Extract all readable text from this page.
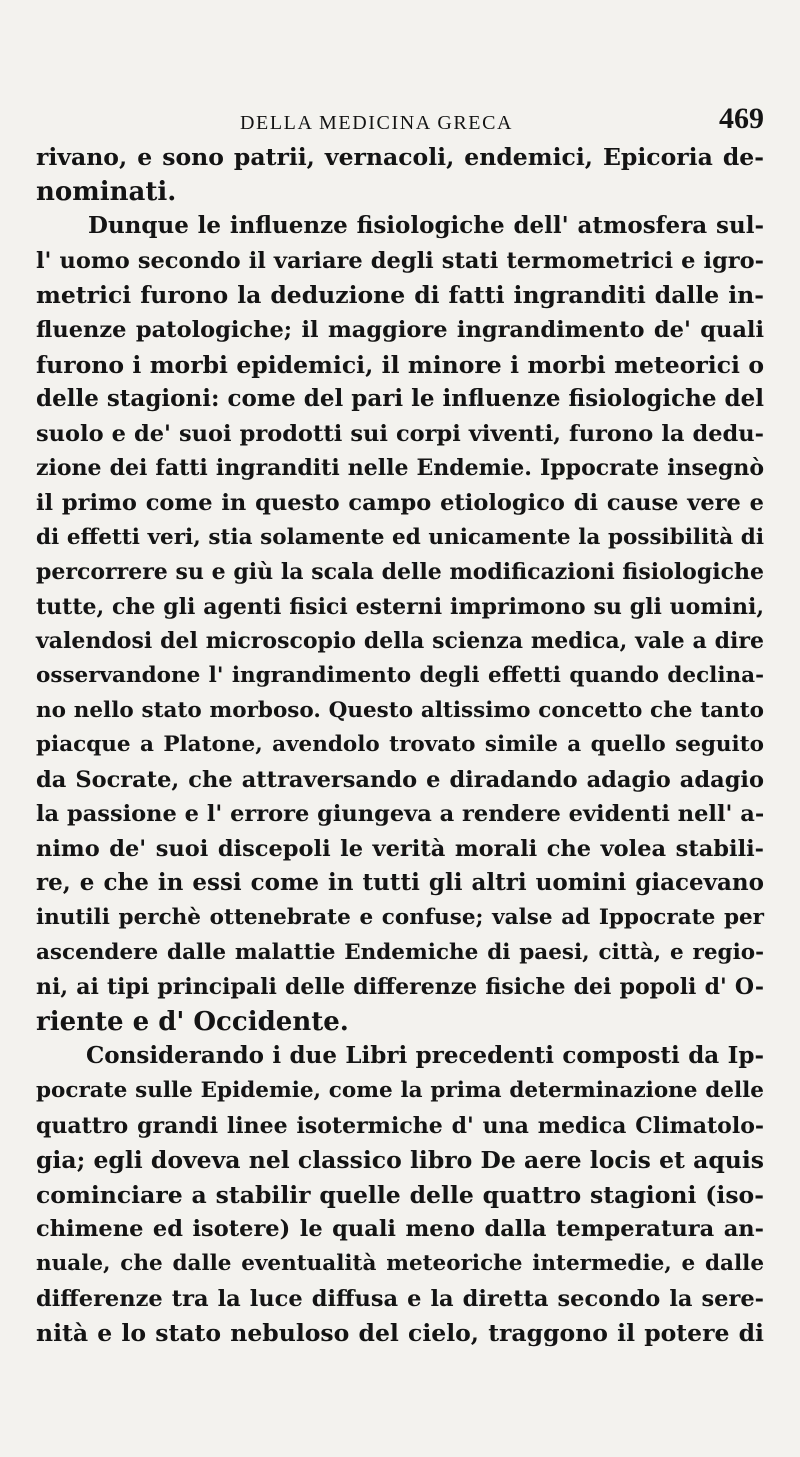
DELLA MEDICINA GRECA	469
rivano, e sono patrii, vernacoli, endemici, Epicoria de-
nominati.
Dunque le influenze fisiologiche dell' atmosfera sul-
l' uomo secondo il variare degli stati termometrici e igro-
metrici furono la deduzione di fatti ingranditi dalle in-
fluenze patologiche; il maggiore ingrandimento de' quali
furono i morbi epidemici, il minore i morbi meteorici o
delle stagioni: come del pari le influenze fisiologiche del
suolo e de' suoi prodotti sui corpi viventi, furono la dedu-
zione dei fatti ingranditi nelle Endemie. Ippocrate insegnò
il primo come in questo campo etiologico di cause vere e
di effetti veri, stia solamente ed unicamente la possibilità di
percorrere su e giù la scala delle modificazioni fisiologiche
tutte, che gli agenti fisici esterni imprimono su gli uomini,
valendosi del microscopio della scienza medica, vale a dire
osservandone l' ingrandimento degli effetti quando declina-
no nello stato morboso. Questo altissimo concetto che tanto
piacque a Platone, avendolo trovato simile a quello seguito
da Socrate, che attraversando e diradando adagio adagio
la passione e l' errore giungeva a rendere evidenti nell' a-
nimo de' suoi discepoli le verità morali che volea stabili-
re, e che in essi come in tutti gli altri uomini giacevano
inutili perchè ottenebrate e confuse; valse ad Ippocrate per
ascendere dalle malattie Endemiche di paesi, città, e regio-
ni, ai tipi principali delle differenze fisiche dei popoli d' O-
riente e d' Occidente.
Considerando i due Libri precedenti composti da Ip-
pocrate sulle Epidemie, come la prima determinazione delle
quattro grandi linee isotermiche d' una medica Climatolo-
gia; egli doveva nel classico libro De aere locis et aquis
cominciare a stabilir quelle delle quattro stagioni (iso-
chimene ed isotere) le quali meno dalla temperatura an-
nuale, che dalle eventualità meteoriche intermedie, e dalle
differenze tra la luce diffusa e la diretta secondo la sere-
nità e lo stato nebuloso del cielo, traggono il potere di
